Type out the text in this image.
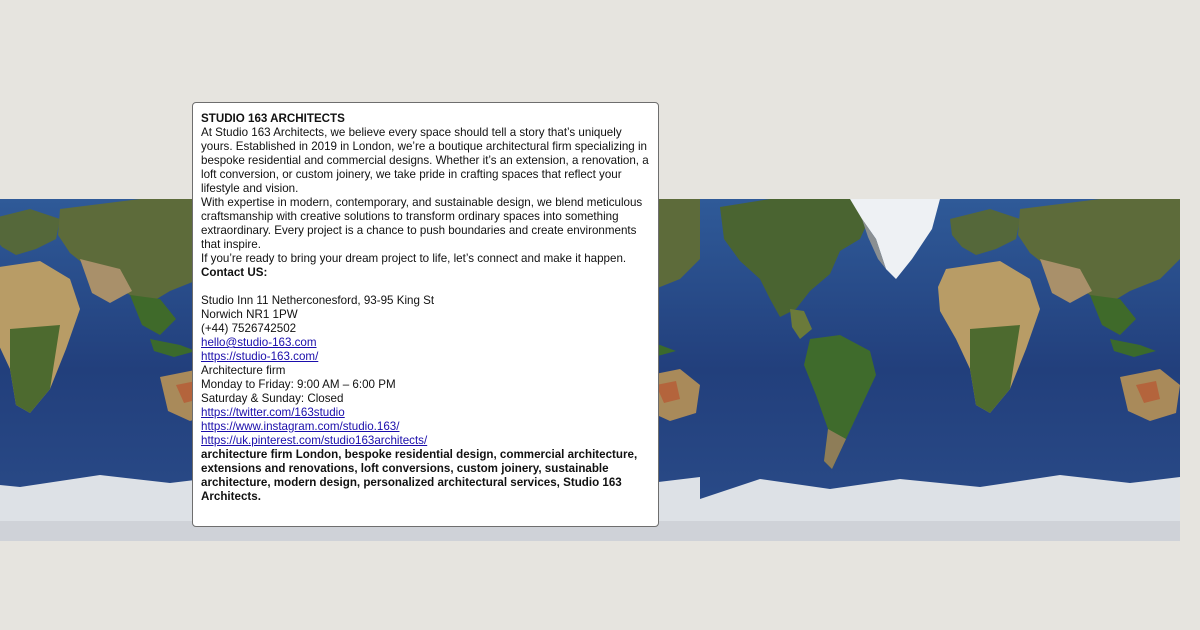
STUDIO 163 ARCHITECTS

At Studio 163 Architects, we believe every space should tell a story that’s uniquely yours. Established in 2019 in London, we’re a boutique architectural firm specializing in bespoke residential and commercial designs. Whether it’s an extension, a renovation, a loft conversion, or custom joinery, we take pride in crafting spaces that reflect your lifestyle and vision.

With expertise in modern, contemporary, and sustainable design, we blend meticulous craftsmanship with creative solutions to transform ordinary spaces into something extraordinary. Every project is a chance to push boundaries and create environments that inspire.

If you’re ready to bring your dream project to life, let’s connect and make it happen.

Contact US:

Studio Inn 11 Netherconesford, 93-95 King St

Norwich NR1 1PW

(+44) 7526742502

hello@studio-163.com
https://studio-163.com/

Architecture firm

Monday to Friday: 9:00 AM – 6:00 PM

Saturday & Sunday: Closed

https://twitter.com/163studio
https://www.instagram.com/studio.163/
https://uk.pinterest.com/studio163architects/

architecture firm London, bespoke residential design, commercial architecture, extensions and renovations, loft conversions, custom joinery, sustainable architecture, modern design, personalized architectural services, Studio 163 Architects.
